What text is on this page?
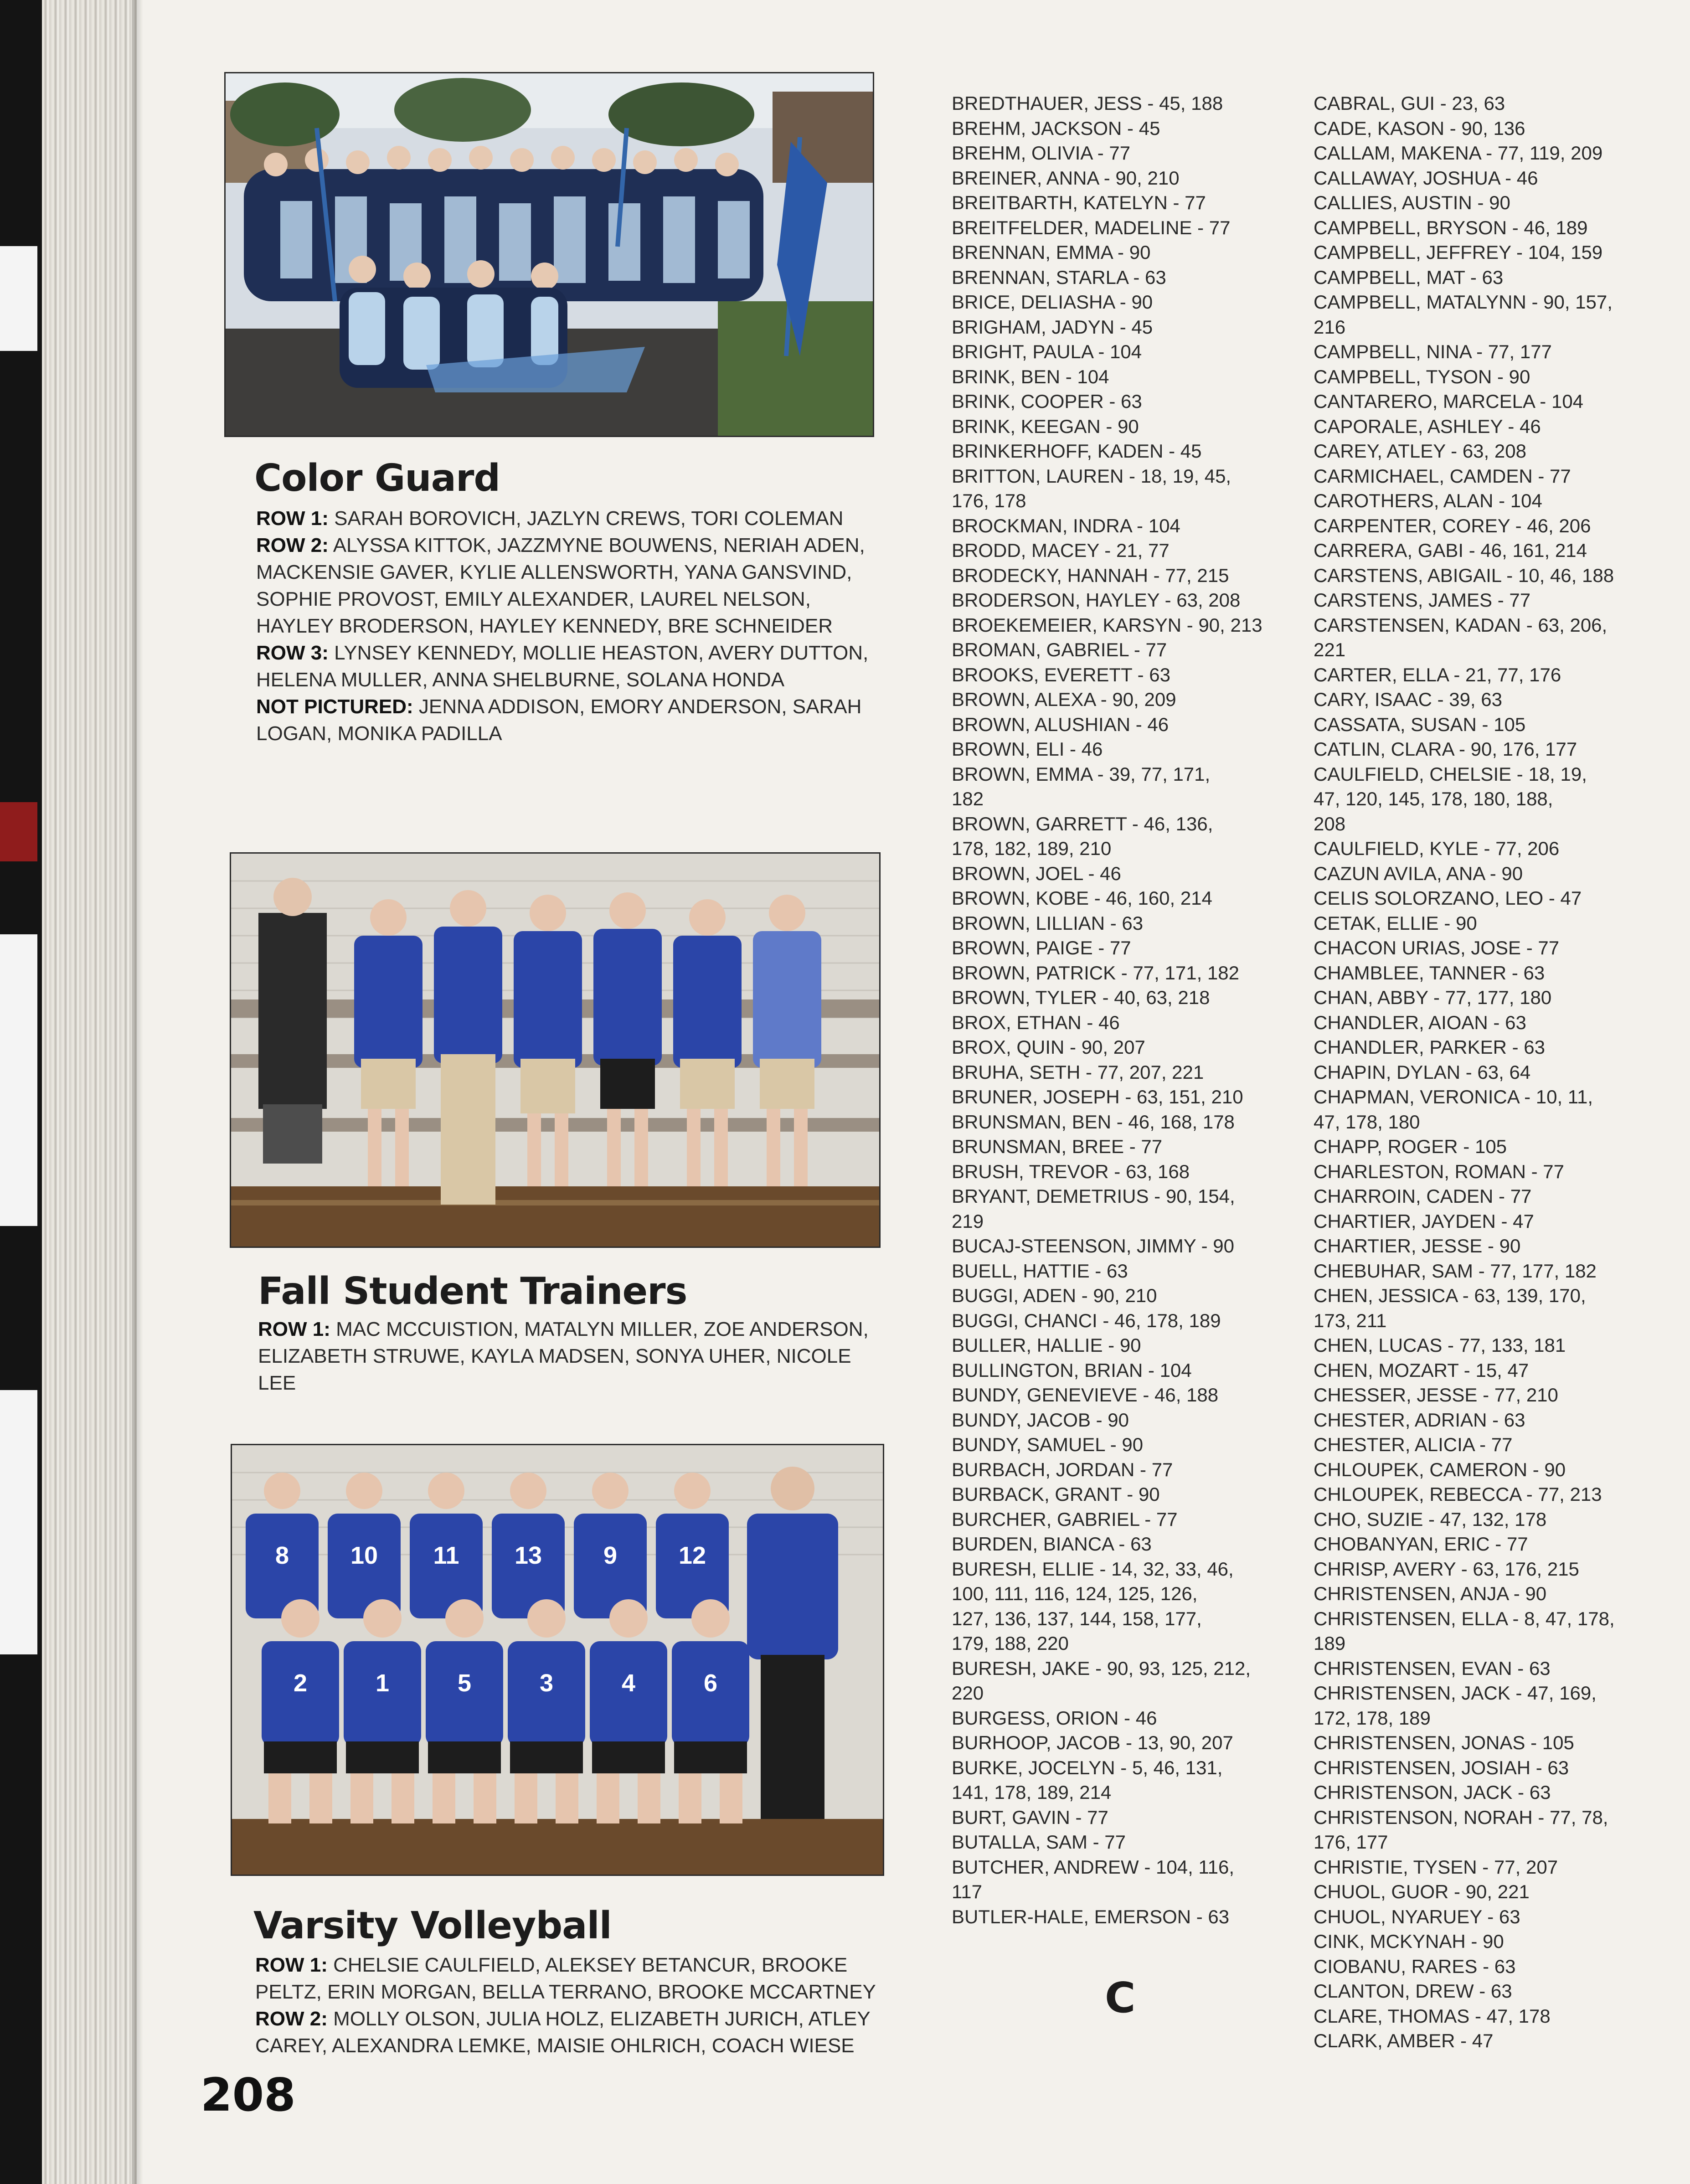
Color Guard

ROW 1: SARAH BOROVICH, JAZLYN CREWS, TORI COLEMAN

ROW 2: ALYSSA KITTOK, JAZZMYNE BOUWENS, NERIAH ADEN, MACKENSIE GAVER, KYLIE ALLENSWORTH, YANA GANSVIND, SOPHIE PROVOST, EMILY ALEXANDER, LAUREL NELSON, HAYLEY BRODERSON, HAYLEY KENNEDY, BRE SCHNEIDER

ROW 3: LYNSEY KENNEDY, MOLLIE HEASTON, AVERY DUTTON, HELENA MULLER, ANNA SHELBURNE, SOLANA HONDA

NOT PICTURED: JENNA ADDISON, EMORY ANDERSON, SARAH LOGAN, MONIKA PADILLA

Fall Student Trainers

ROW 1: MAC MCCUISTION, MATALYN MILLER, ZOE ANDERSON, ELIZABETH STRUWE, KAYLA MADSEN, SONYA UHER, NICOLE LEE

8 10 11 13 9 12
2	1	5	3	4	6
Varsity Volleyball

ROW 1: CHELSIE CAULFIELD, ALEKSEY BETANCUR, BROOKE PELTZ, ERIN MORGAN, BELLA TERRANO, BROOKE MCCARTNEY

ROW 2: MOLLY OLSON, JULIA HOLZ, ELIZABETH JURICH, ATLEY CAREY, ALEXANDRA LEMKE, MAISIE OHLRICH, COACH WIESE

BREDTHAUER, JESS - 45, 188
BREHM, JACKSON - 45
BREHM, OLIVIA - 77
BREINER, ANNA - 90, 210
BREITBARTH, KATELYN - 77
BREITFELDER, MADELINE - 77
BRENNAN, EMMA - 90
BRENNAN, STARLA - 63
BRICE, DELIASHA - 90
BRIGHAM, JADYN - 45
BRIGHT, PAULA - 104
BRINK, BEN - 104
BRINK, COOPER - 63
BRINK, KEEGAN - 90
BRINKERHOFF, KADEN - 45
BRITTON, LAUREN - 18, 19, 45,
176, 178
BROCKMAN, INDRA - 104
BRODD, MACEY - 21, 77
BRODECKY, HANNAH - 77, 215
BRODERSON, HAYLEY - 63, 208
BROEKEMEIER, KARSYN - 90, 213
BROMAN, GABRIEL - 77
BROOKS, EVERETT - 63
BROWN, ALEXA - 90, 209
BROWN, ALUSHIAN - 46
BROWN, ELI - 46
BROWN, EMMA - 39, 77, 171,
182
BROWN, GARRETT - 46, 136,
178, 182, 189, 210
BROWN, JOEL - 46
BROWN, KOBE - 46, 160, 214
BROWN, LILLIAN - 63
BROWN, PAIGE - 77
BROWN, PATRICK - 77, 171, 182
BROWN, TYLER - 40, 63, 218
BROX, ETHAN - 46
BROX, QUIN - 90, 207
BRUHA, SETH - 77, 207, 221
BRUNER, JOSEPH - 63, 151, 210
BRUNSMAN, BEN - 46, 168, 178
BRUNSMAN, BREE - 77
BRUSH, TREVOR - 63, 168
BRYANT, DEMETRIUS - 90, 154,
219
BUCAJ-STEENSON, JIMMY - 90
BUELL, HATTIE - 63
BUGGI, ADEN - 90, 210
BUGGI, CHANCI - 46, 178, 189
BULLER, HALLIE - 90
BULLINGTON, BRIAN - 104
BUNDY, GENEVIEVE - 46, 188
BUNDY, JACOB - 90
BUNDY, SAMUEL - 90
BURBACH, JORDAN - 77
BURBACK, GRANT - 90
BURCHER, GABRIEL - 77
BURDEN, BIANCA - 63
BURESH, ELLIE - 14, 32, 33, 46,
100, 111, 116, 124, 125, 126,
127, 136, 137, 144, 158, 177,
179, 188, 220
BURESH, JAKE - 90, 93, 125, 212,
220
BURGESS, ORION - 46
BURHOOP, JACOB - 13, 90, 207
BURKE, JOCELYN - 5, 46, 131,
141, 178, 189, 214
BURT, GAVIN - 77
BUTALLA, SAM - 77
BUTCHER, ANDREW - 104, 116,
117
BUTLER-HALE, EMERSON - 63
CABRAL, GUI - 23, 63
CADE, KASON - 90, 136
CALLAM, MAKENA - 77, 119, 209
CALLAWAY, JOSHUA - 46
CALLIES, AUSTIN - 90
CAMPBELL, BRYSON - 46, 189
CAMPBELL, JEFFREY - 104, 159
CAMPBELL, MAT - 63
CAMPBELL, MATALYNN - 90, 157,
216
CAMPBELL, NINA - 77, 177
CAMPBELL, TYSON - 90
CANTARERO, MARCELA - 104
CAPORALE, ASHLEY - 46
CAREY, ATLEY - 63, 208
CARMICHAEL, CAMDEN - 77
CAROTHERS, ALAN - 104
CARPENTER, COREY - 46, 206
CARRERA, GABI - 46, 161, 214
CARSTENS, ABIGAIL - 10, 46, 188
CARSTENS, JAMES - 77
CARSTENSEN, KADAN - 63, 206,
221
CARTER, ELLA - 21, 77, 176
CARY, ISAAC - 39, 63
CASSATA, SUSAN - 105
CATLIN, CLARA - 90, 176, 177
CAULFIELD, CHELSIE - 18, 19,
47, 120, 145, 178, 180, 188,
208
CAULFIELD, KYLE - 77, 206
CAZUN AVILA, ANA - 90
CELIS SOLORZANO, LEO - 47
CETAK, ELLIE - 90
CHACON URIAS, JOSE - 77
CHAMBLEE, TANNER - 63
CHAN, ABBY - 77, 177, 180
CHANDLER, AIOAN - 63
CHANDLER, PARKER - 63
CHAPIN, DYLAN - 63, 64
CHAPMAN, VERONICA - 10, 11,
47, 178, 180
CHAPP, ROGER - 105
CHARLESTON, ROMAN - 77
CHARROIN, CADEN - 77
CHARTIER, JAYDEN - 47
CHARTIER, JESSE - 90
CHEBUHAR, SAM - 77, 177, 182
CHEN, JESSICA - 63, 139, 170,
173, 211
CHEN, LUCAS - 77, 133, 181
CHEN, MOZART - 15, 47
CHESSER, JESSE - 77, 210
CHESTER, ADRIAN - 63
CHESTER, ALICIA - 77
CHLOUPEK, CAMERON - 90
CHLOUPEK, REBECCA - 77, 213
CHO, SUZIE - 47, 132, 178
CHOBANYAN, ERIC - 77
CHRISP, AVERY - 63, 176, 215
CHRISTENSEN, ANJA - 90
CHRISTENSEN, ELLA - 8, 47, 178,
189
CHRISTENSEN, EVAN - 63
CHRISTENSEN, JACK - 47, 169,
172, 178, 189
CHRISTENSEN, JONAS - 105
CHRISTENSEN, JOSIAH - 63
CHRISTENSON, JACK - 63
CHRISTENSON, NORAH - 77, 78,
176, 177
CHRISTIE, TYSEN - 77, 207
CHUOL, GUOR - 90, 221
CHUOL, NYARUEY - 63
CINK, MCKYNAH - 90
CIOBANU, RARES - 63
CLANTON, DREW - 63
CLARE, THOMAS - 47, 178
CLARK, AMBER - 47
C
208
